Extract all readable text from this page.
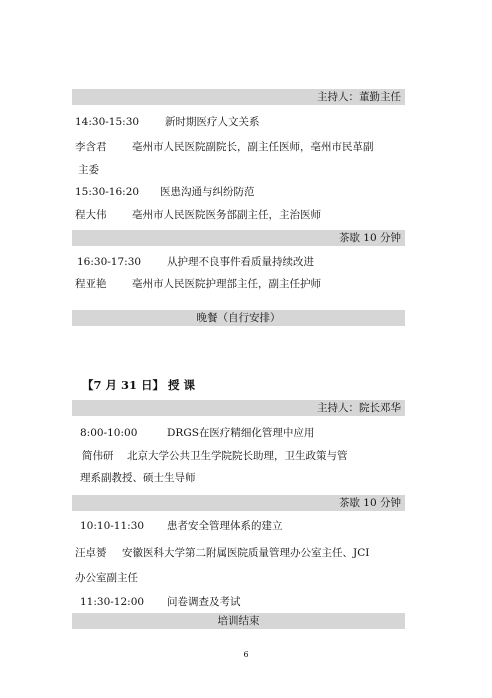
主持人：董勤主任
14:30-15:30 新时期医疗人文关系
李含君 亳州市人民医院副院长，副主任医师，亳州市民革副
主委
15:30-16:20 医患沟通与纠纷防范
程大伟 亳州市人民医院医务部副主任，主治医师
茶歇 10 分钟
16:30-17:30 从护理不良事件看质量持续改进
程亚艳 亳州市人民医院护理部主任，副主任护师
晚餐（自行安排）
【7 月 31 日】 授 课
主持人：院长邓华
8:00-10:00	DRGS在医疗精细化管理中应用
简伟研 北京大学公共卫生学院院长助理，卫生政策与管
理系副教授、硕士生导师
茶歇 10 分钟
10:10-11:30 患者安全管理体系的建立
汪卓赟 安徽医科大学第二附属医院质量管理办公室主任、JCI
办公室副主任
11:30-12:00 问卷调查及考试
培训结束
6
